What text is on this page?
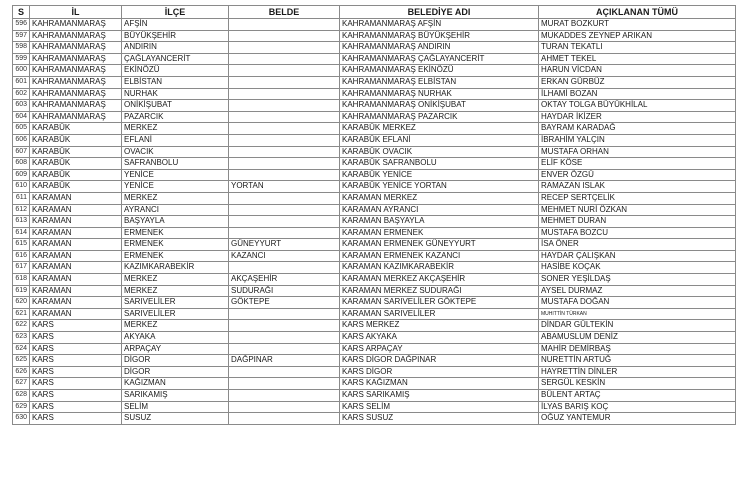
S	İL	İLÇE	BELDE	BELEDİYE ADI	AÇIKLANAN TÜMÜ
596	KAHRAMANMARAŞ	AFŞİN		KAHRAMANMARAŞ AFŞİN	MURAT BOZKURT
597	KAHRAMANMARAŞ	BÜYÜKŞEHİR		KAHRAMANMARAŞ BÜYÜKŞEHİR	MUKADDES ZEYNEP ARIKAN
598	KAHRAMANMARAŞ	ANDIRIN		KAHRAMANMARAŞ ANDIRIN	TURAN TEKATLI
599	KAHRAMANMARAŞ	ÇAĞLAYANCERİT		KAHRAMANMARAŞ ÇAĞLAYANCERİT	AHMET TEKEL
600	KAHRAMANMARAŞ	EKİNÖZÜ		KAHRAMANMARAŞ EKİNÖZÜ	HARUN VİCDAN
601	KAHRAMANMARAŞ	ELBİSTAN		KAHRAMANMARAŞ ELBİSTAN	ERKAN GÜRBÜZ
602	KAHRAMANMARAŞ	NURHAK		KAHRAMANMARAŞ NURHAK	İLHAMİ BOZAN
603	KAHRAMANMARAŞ	ONİKİŞUBAT		KAHRAMANMARAŞ ONİKİŞUBAT	OKTAY TOLGA BÜYÜKHİLAL
604	KAHRAMANMARAŞ	PAZARCIK		KAHRAMANMARAŞ PAZARCIK	HAYDAR İKİZER
605	KARABÜK	MERKEZ		KARABÜK MERKEZ	BAYRAM KARADAĞ
606	KARABÜK	EFLANİ		KARABÜK EFLANİ	İBRAHİM YALÇIN
607	KARABÜK	OVACIK		KARABÜK OVACIK	MUSTAFA ORHAN
608	KARABÜK	SAFRANBOLU		KARABÜK SAFRANBOLU	ELİF KÖSE
609	KARABÜK	YENİCE		KARABÜK YENİCE	ENVER ÖZGÜ
610	KARABÜK	YENİCE	YORTAN	KARABÜK YENİCE YORTAN	RAMAZAN ISLAK
611	KARAMAN	MERKEZ		KARAMAN MERKEZ	RECEP SERTÇELİK
612	KARAMAN	AYRANCI		KARAMAN AYRANCI	MEHMET NURİ ÖZKAN
613	KARAMAN	BAŞYAYLA		KARAMAN BAŞYAYLA	MEHMET DURAN
614	KARAMAN	ERMENEK		KARAMAN ERMENEK	MUSTAFA BOZCU
615	KARAMAN	ERMENEK	GÜNEYYURT	KARAMAN ERMENEK GÜNEYYURT	İSA ÖNER
616	KARAMAN	ERMENEK	KAZANCI	KARAMAN ERMENEK KAZANCI	HAYDAR ÇALIŞKAN
617	KARAMAN	KAZIMKARABEKİR		KARAMAN KAZIMKARABEKİR	HASİBE KOÇAK
618	KARAMAN	MERKEZ	AKÇAŞEHİR	KARAMAN MERKEZ AKÇAŞEHİR	SONER YEŞİLDAŞ
619	KARAMAN	MERKEZ	SUDURAĞI	KARAMAN MERKEZ SUDURAĞI	AYSEL DURMAZ
620	KARAMAN	SARIVELİLER	GÖKTEPE	KARAMAN SARIVELİLER GÖKTEPE	MUSTAFA DOĞAN
621	KARAMAN	SARIVELİLER		KARAMAN SARIVELİLER	MUHITTİN TÜRKAN
622	KARS	MERKEZ		KARS MERKEZ	DİNDAR GÜLTEKİN
623	KARS	AKYAKA		KARS AKYAKA	ABAMUSLUM DENİZ
624	KARS	ARPAÇAY		KARS ARPAÇAY	MAHİR DEMİRBAŞ
625	KARS	DİGOR	DAĞPINAR	KARS DİGOR DAĞPINAR	NURETTİN ARTUĞ
626	KARS	DİGOR		KARS DİGOR	HAYRETTİN DİNLER
627	KARS	KAĞIZMAN		KARS KAĞIZMAN	SERGÜL KESKİN
628	KARS	SARIKAMIŞ		KARS SARIKAMIŞ	BÜLENT ARTAÇ
629	KARS	SELİM		KARS SELİM	İLYAS BARIŞ KOÇ
630	KARS	SUSUZ		KARS SUSUZ	OĞUZ YANTEMUR
